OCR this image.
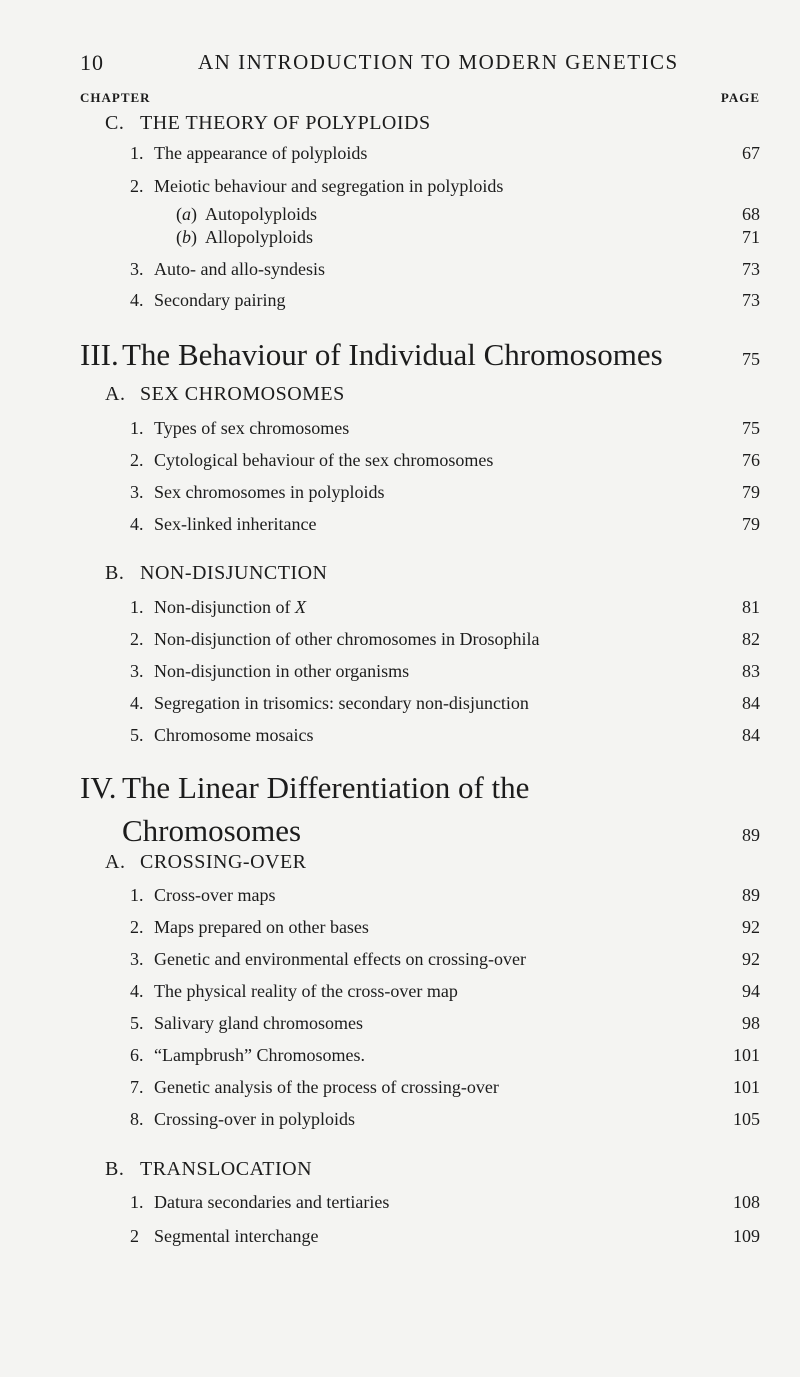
10	AN INTRODUCTION TO MODERN GENETICS
CHAPTER	PAGE
C. THE THEORY OF POLYPLOIDS
1. The appearance of polyploids	67
2. Meiotic behaviour and segregation in polyploids
(a) Autopolyploids	68
(b) Allopolyploids	71
3. Auto- and allo-syndesis	73
4. Secondary pairing	73
III. The Behaviour of Individual Chromosomes	75
A. SEX CHROMOSOMES
1. Types of sex chromosomes	75
2. Cytological behaviour of the sex chromosomes	76
3. Sex chromosomes in polyploids	79
4. Sex-linked inheritance	79
B. NON-DISJUNCTION
1. Non-disjunction of X	81
2. Non-disjunction of other chromosomes in Drosophila	82
3. Non-disjunction in other organisms	83
4. Segregation in trisomics: secondary non-disjunction	84
5. Chromosome mosaics	84
IV. The Linear Differentiation of the
Chromosomes	89
A. CROSSING-OVER
1. Cross-over maps	89
2. Maps prepared on other bases	92
3. Genetic and environmental effects on crossing-over	92
4. The physical reality of the cross-over map	94
5. Salivary gland chromosomes	98
6. “Lampbrush” Chromosomes.	101
7. Genetic analysis of the process of crossing-over	101
8. Crossing-over in polyploids	105
B. TRANSLOCATION
1. Datura secondaries and tertiaries	108
2 Segmental interchange	109
